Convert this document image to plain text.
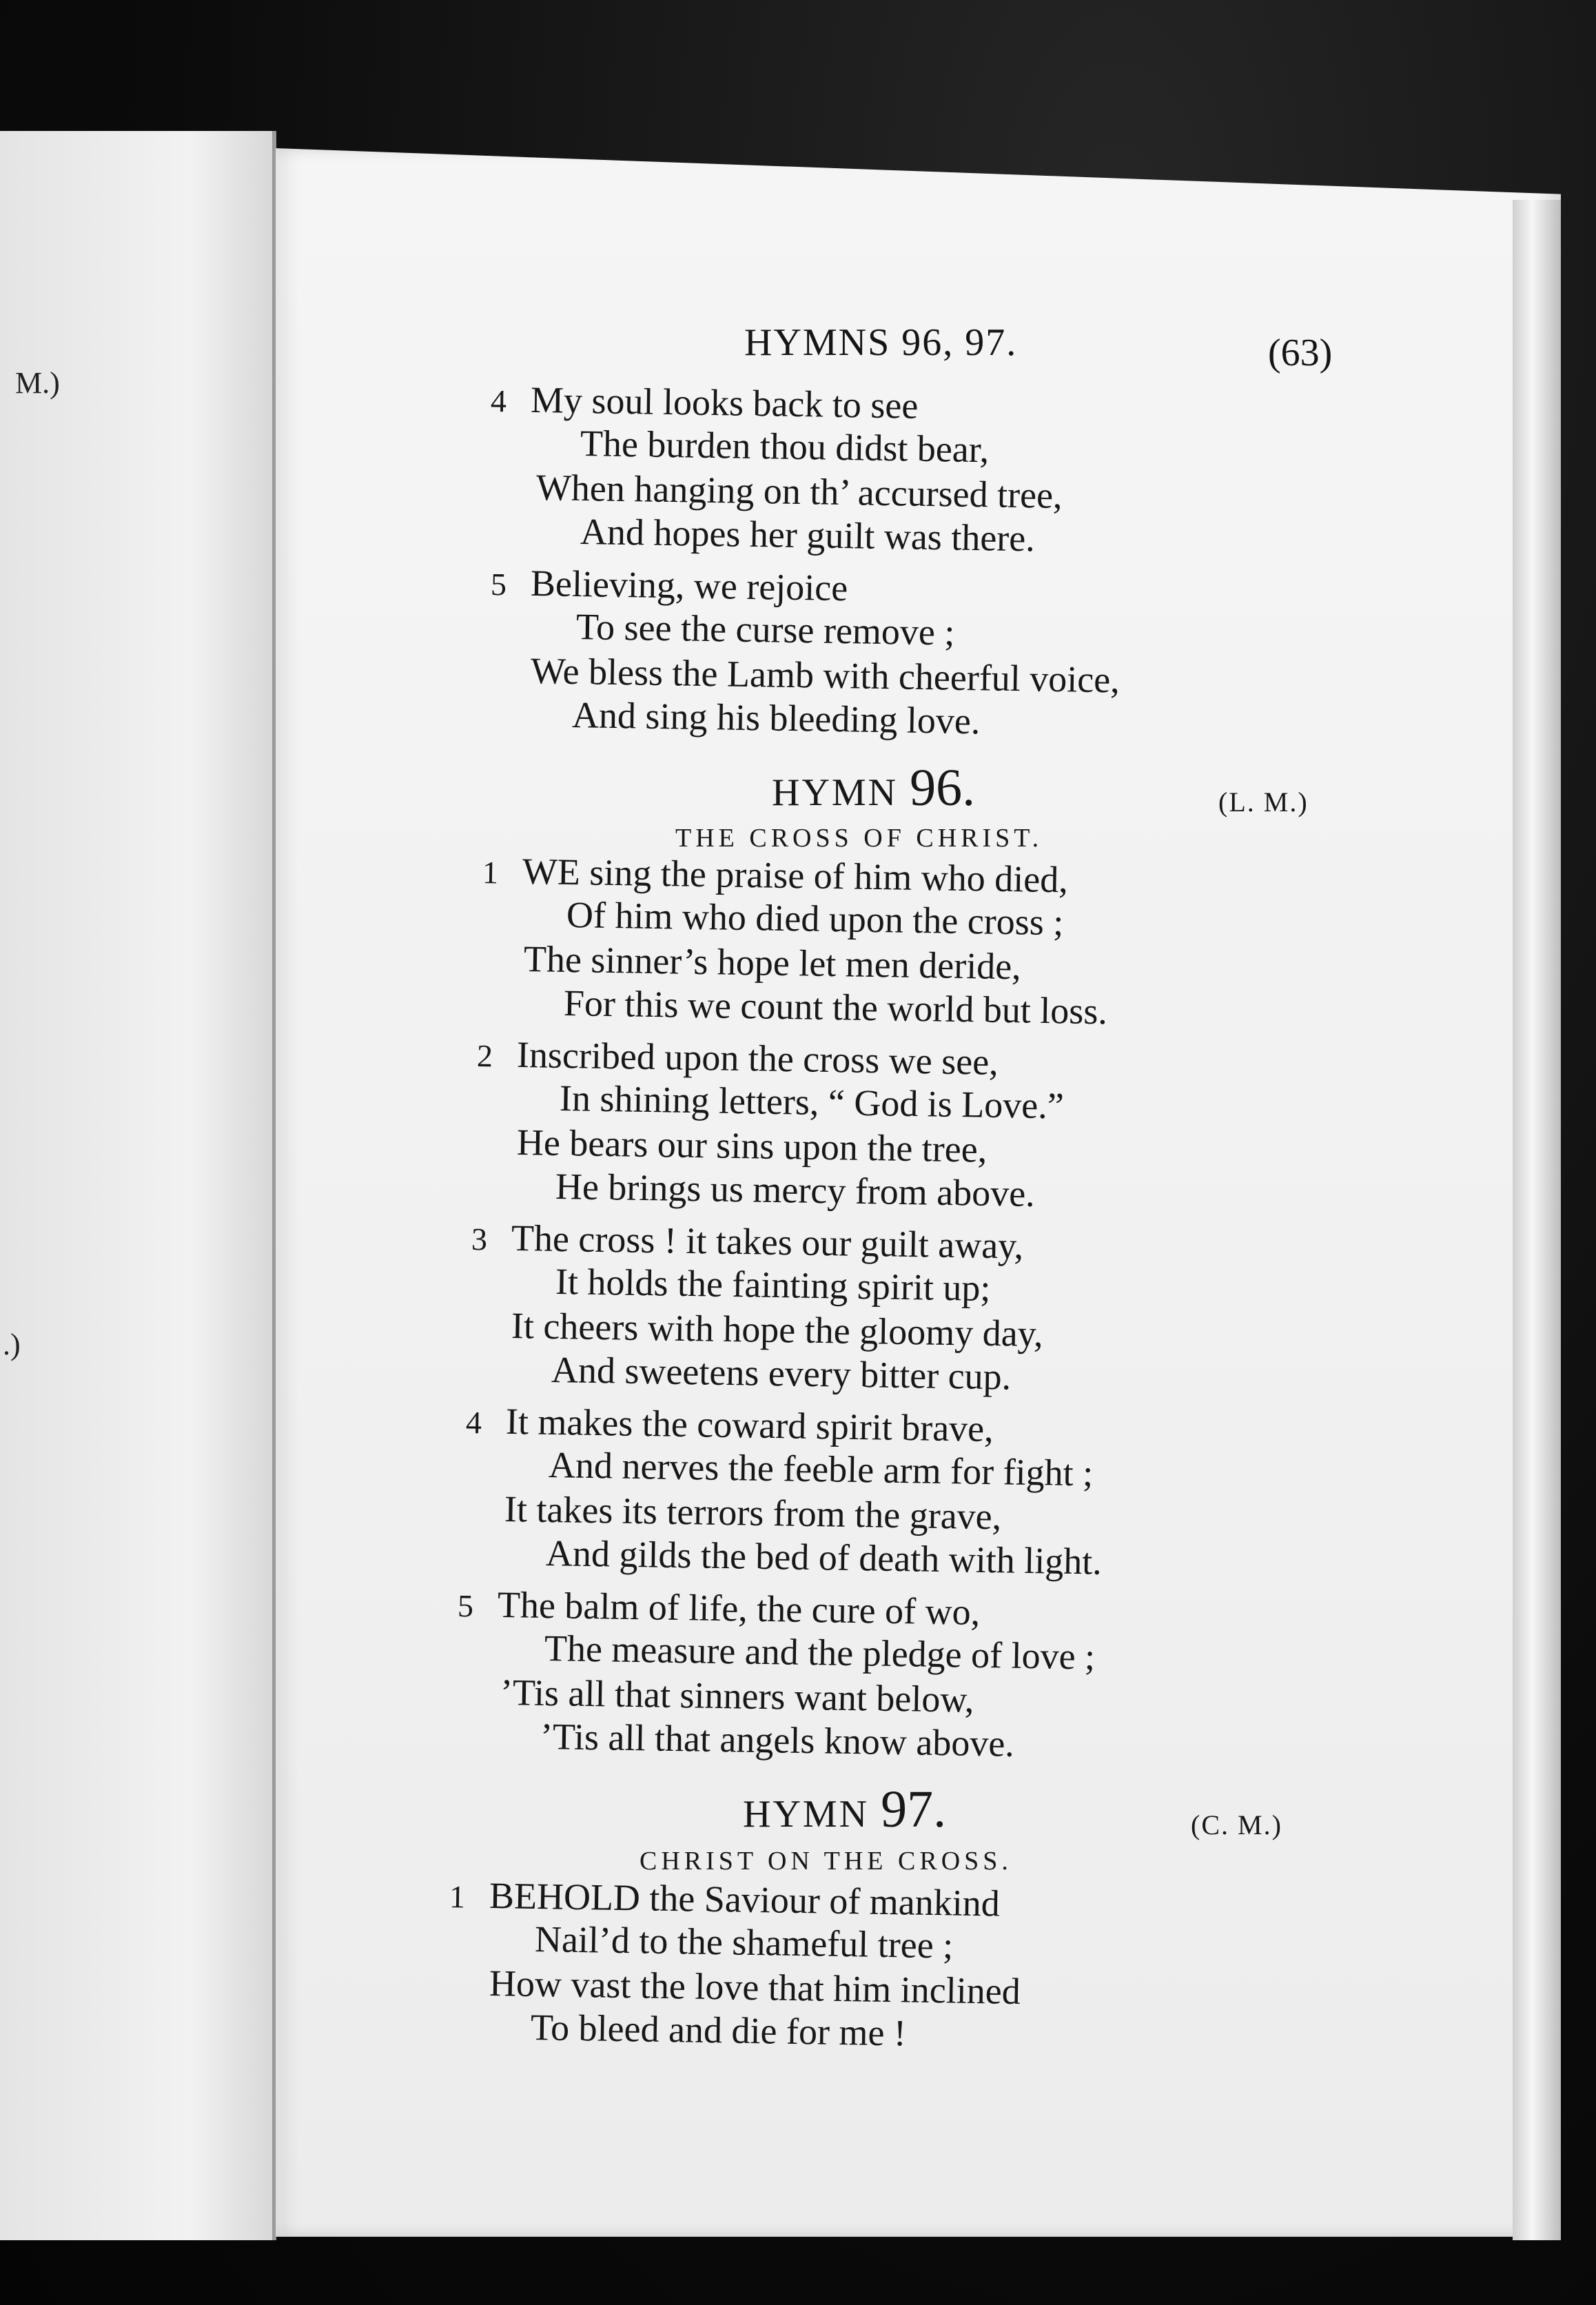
M.)
.)
HYMNS 96, 97.	(63)
4 My soul looks back to see
The burden thou didst bear,
When hanging on th’ accursed tree,
And hopes her guilt was there.
5 Believing, we rejoice
To see the curse remove ;
We bless the Lamb with cheerful voice,
And sing his bleeding love.
HYMN 96.	(L. M.)
THE CROSS OF CHRIST.
1 WE sing the praise of him who died,
Of him who died upon the cross ;
The sinner’s hope let men deride,
For this we count the world but loss.
2 Inscribed upon the cross we see,
In shining letters, “ God is Love.”
He bears our sins upon the tree,
He brings us mercy from above.
3 The cross ! it takes our guilt away,
It holds the fainting spirit up;
It cheers with hope the gloomy day,
And sweetens every bitter cup.
4 It makes the coward spirit brave,
And nerves the feeble arm for fight ;
It takes its terrors from the grave,
And gilds the bed of death with light.
5 The balm of life, the cure of wo,
The measure and the pledge of love ;
’Tis all that sinners want below,
’Tis all that angels know above.
HYMN 97.	(C. M.)
CHRIST ON THE CROSS.
1 BEHOLD the Saviour of mankind
Nail’d to the shameful tree ;
How vast the love that him inclined
To bleed and die for me !
